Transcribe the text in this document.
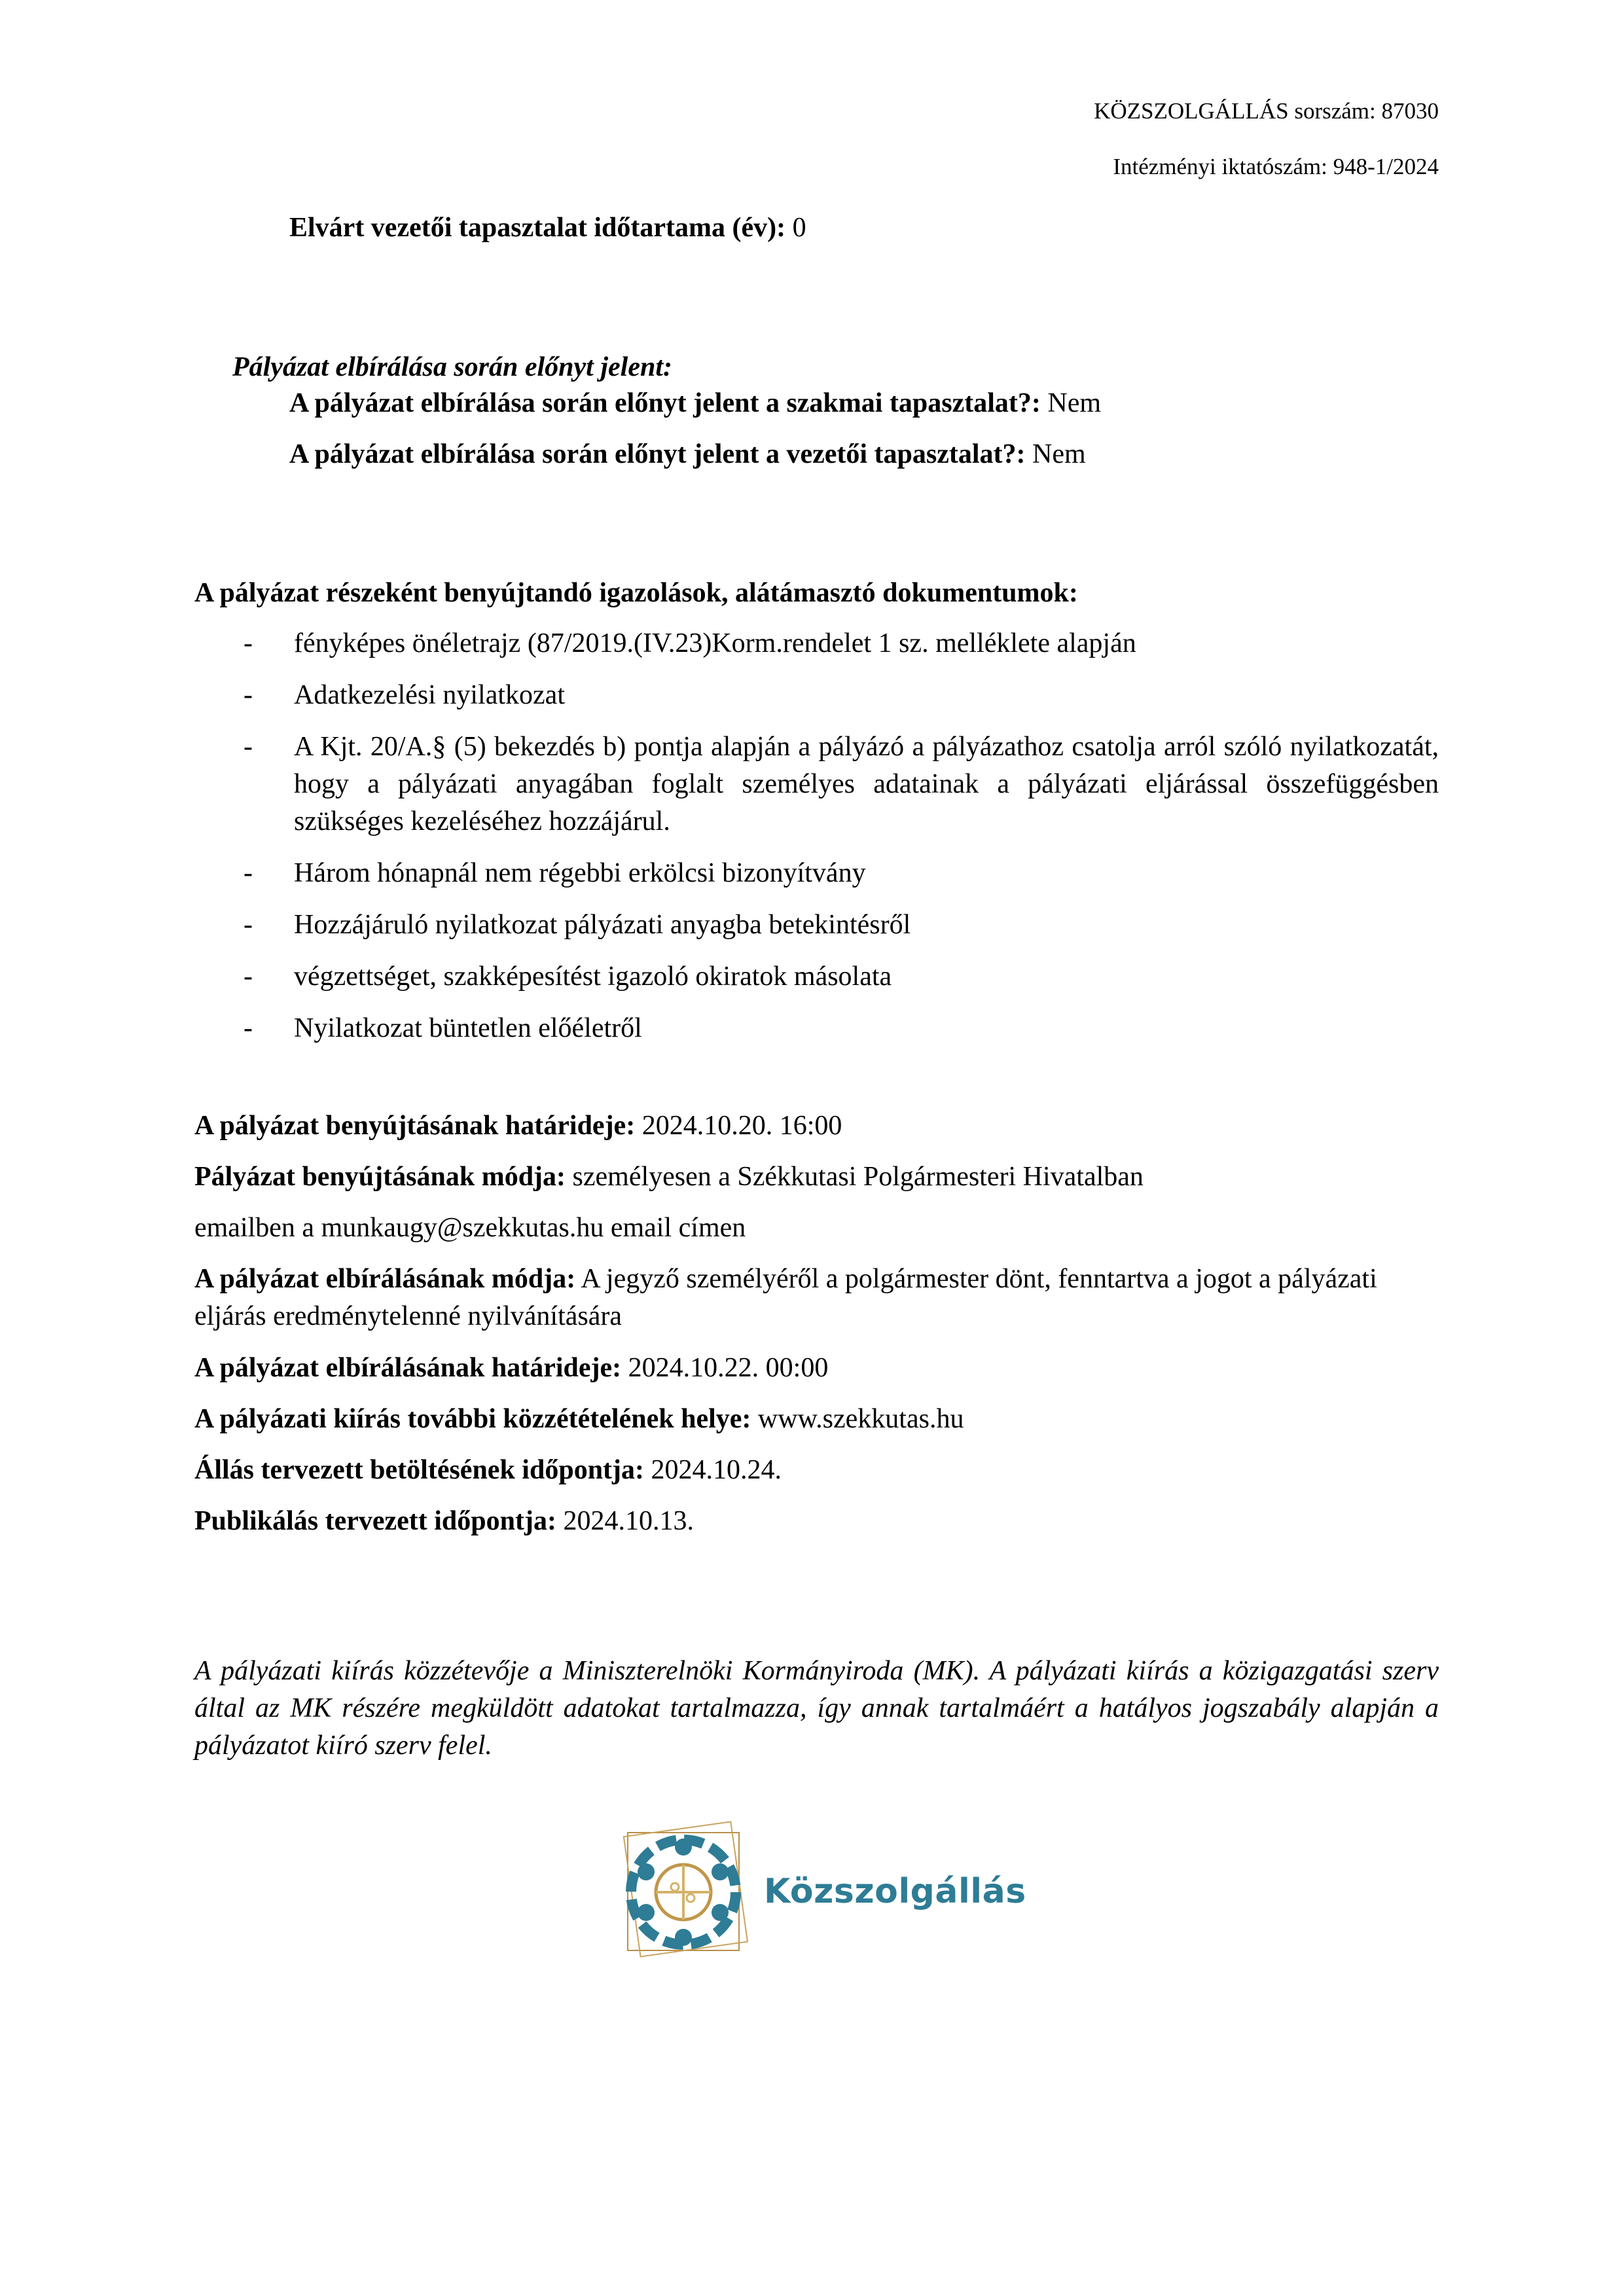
KÖZSZOLGÁLLÁS sorszám: 87030
Intézményi iktatószám: 948-1/2024
Elvárt vezetői tapasztalat időtartama (év): 0
Pályázat elbírálása során előnyt jelent:
A pályázat elbírálása során előnyt jelent a szakmai tapasztalat?: Nem
A pályázat elbírálása során előnyt jelent a vezetői tapasztalat?: Nem
A pályázat részeként benyújtandó igazolások, alátámasztó dokumentumok:
- fényképes önéletrajz (87/2019.(IV.23)Korm.rendelet 1 sz. melléklete alapján
- Adatkezelési nyilatkozat
- A Kjt. 20/A.§ (5) bekezdés b) pontja alapján a pályázó a pályázathoz csatolja arról szóló nyilatkozatát, hogy a pályázati anyagában foglalt személyes adatainak a pályázati eljárással összefüggésben szükséges kezeléséhez hozzájárul.
- Három hónapnál nem régebbi erkölcsi bizonyítvány
- Hozzájáruló nyilatkozat pályázati anyagba betekintésről
- végzettséget, szakképesítést igazoló okiratok másolata
- Nyilatkozat büntetlen előéletről
A pályázat benyújtásának határideje: 2024.10.20. 16:00
Pályázat benyújtásának módja: személyesen a Székkutasi Polgármesteri Hivatalban
emailben a munkaugy@szekkutas.hu email címen
A pályázat elbírálásának módja: A jegyző személyéről a polgármester dönt, fenntartva a jogot a pályázati eljárás eredménytelenné nyilvánítására
A pályázat elbírálásának határideje: 2024.10.22. 00:00
A pályázati kiírás további közzétételének helye: www.szekkutas.hu
Állás tervezett betöltésének időpontja: 2024.10.24.
Publikálás tervezett időpontja: 2024.10.13.
A pályázati kiírás közzétevője a Miniszterelnöki Kormányiroda (MK). A pályázati kiírás a közigazgatási szerv által az MK részére megküldött adatokat tartalmazza, így annak tartalmáért a hatályos jogszabály alapján a pályázatot kiíró szerv felel.
Közszolgállás
